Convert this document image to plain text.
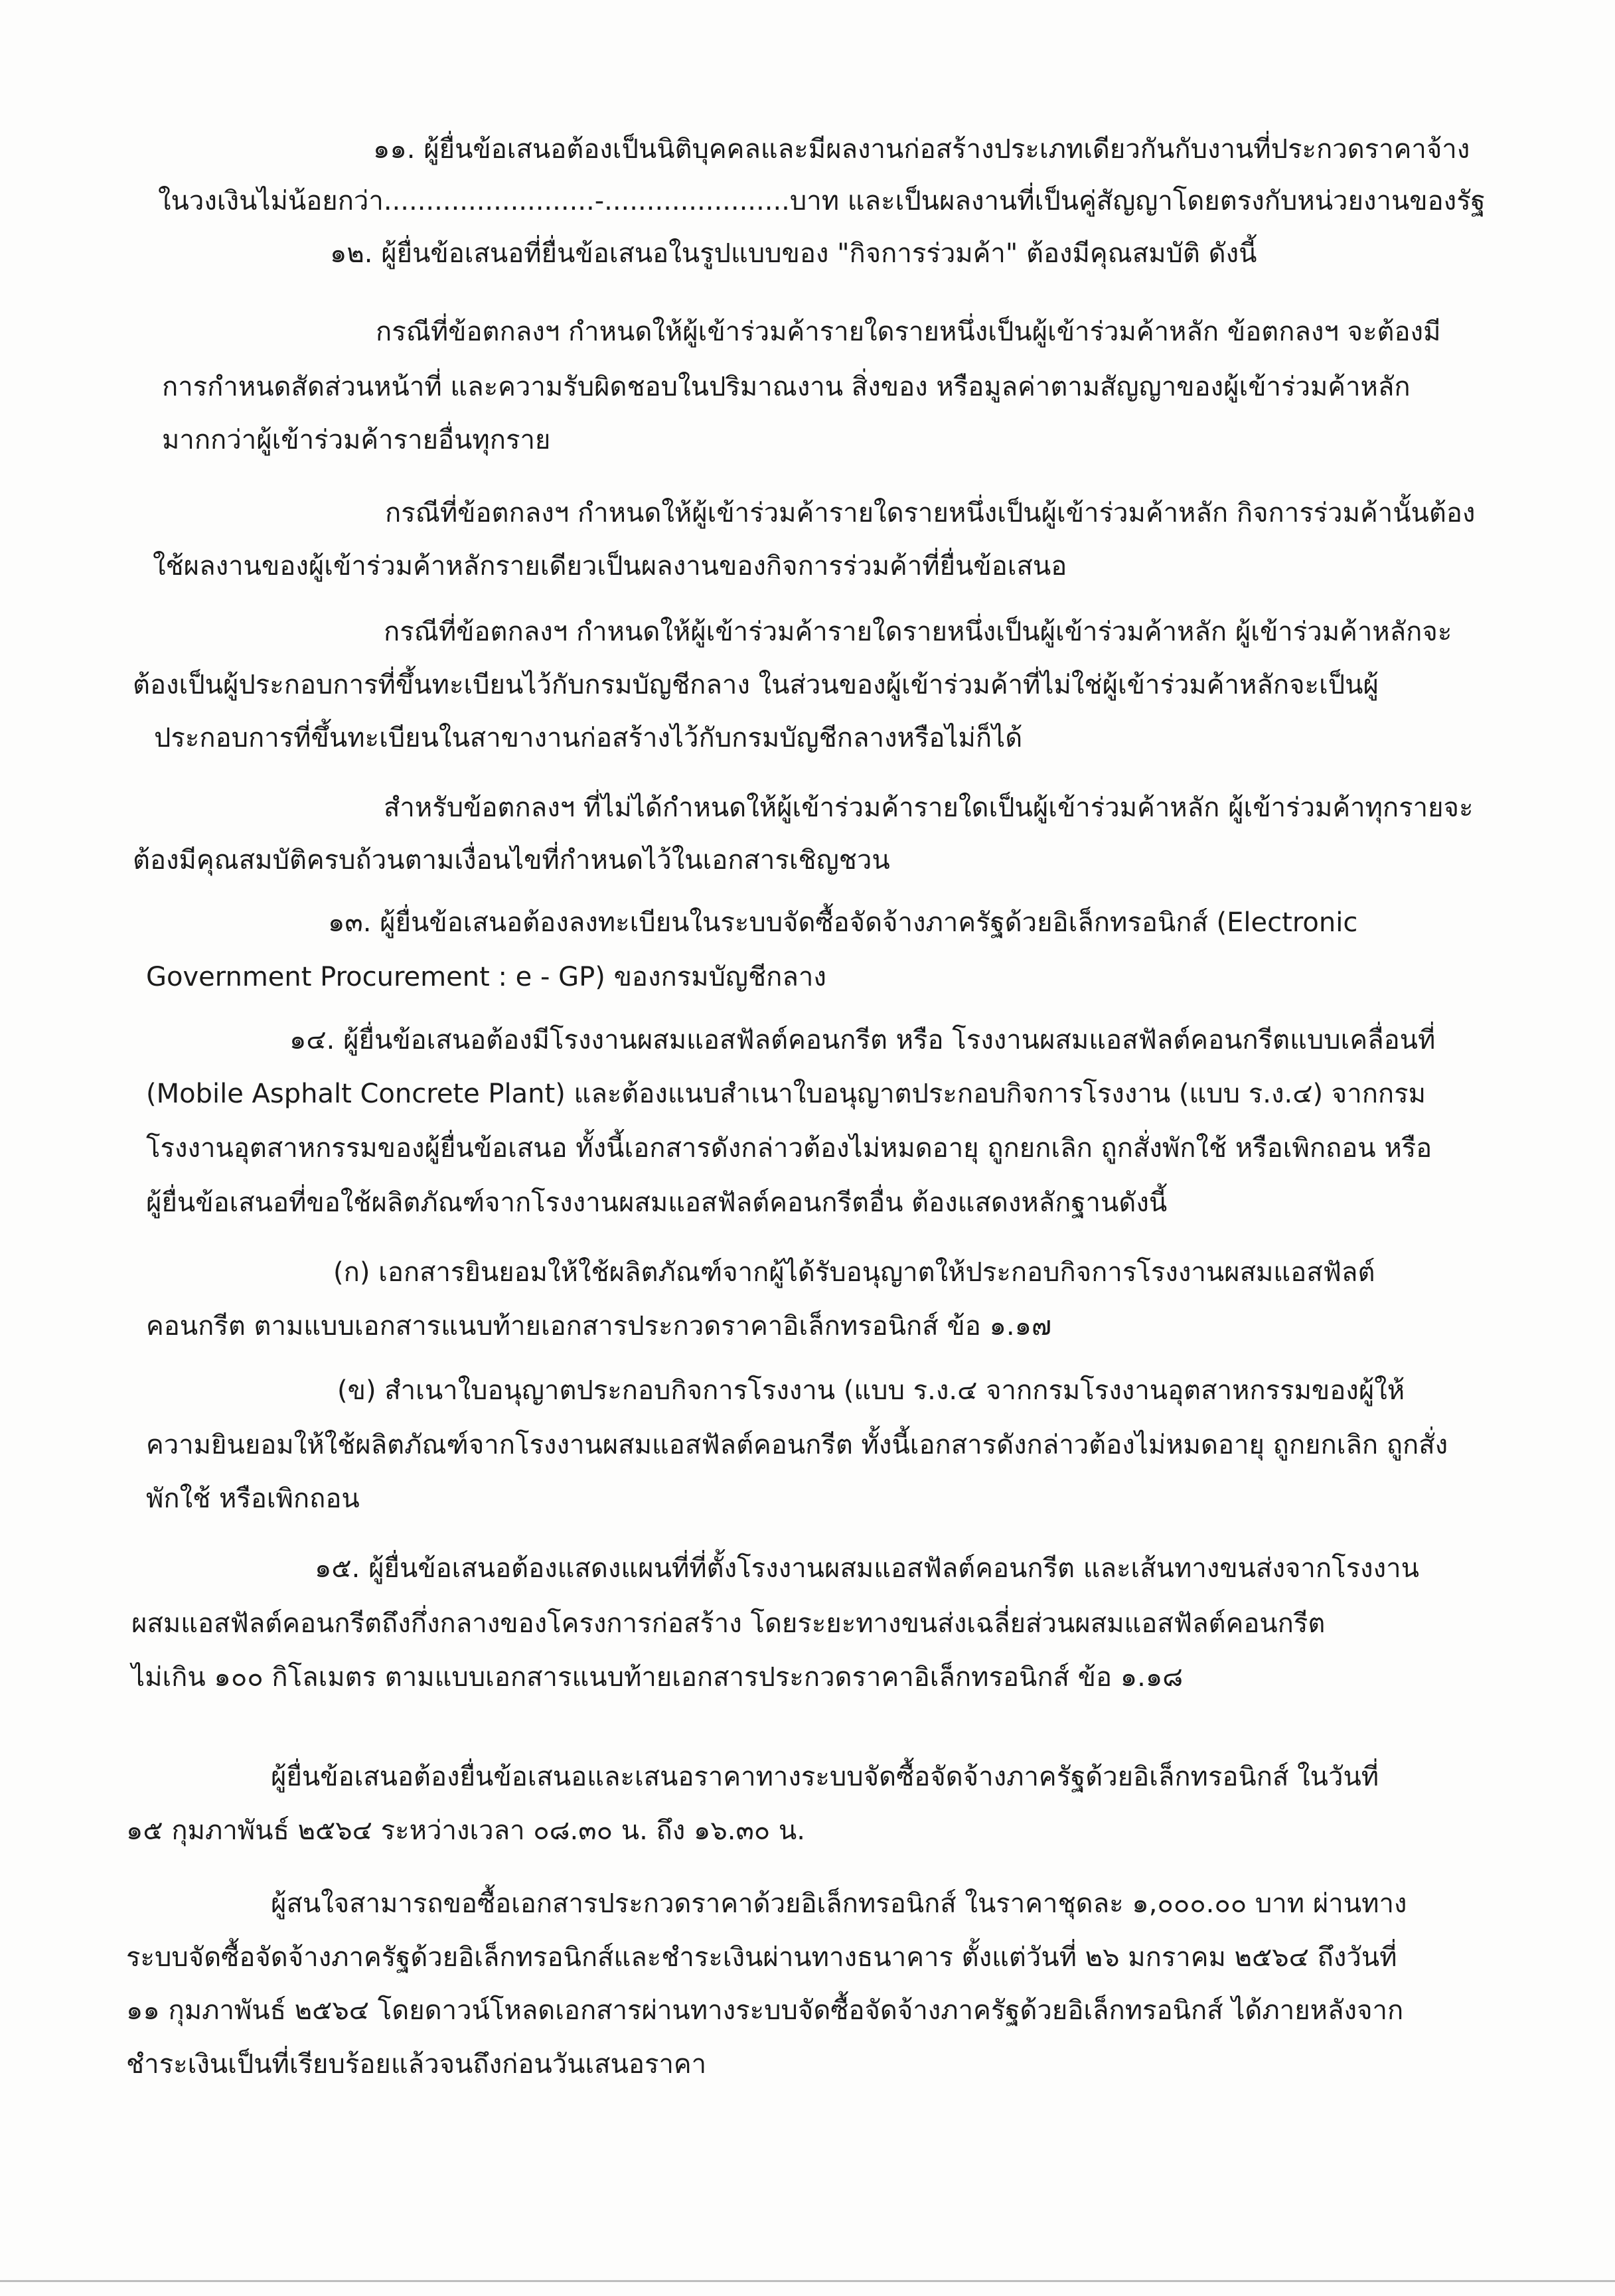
๑๑. ผู้ยื่นข้อเสนอต้องเป็นนิติบุคคลและมีผลงานก่อสร้างประเภทเดียวกันกับงานที่ประกวดราคาจ้าง
ในวงเงินไม่น้อยกว่า.........................-......................บาท และเป็นผลงานที่เป็นคู่สัญญาโดยตรงกับหน่วยงานของรัฐ
๑๒. ผู้ยื่นข้อเสนอที่ยื่นข้อเสนอในรูปแบบของ "กิจการร่วมค้า" ต้องมีคุณสมบัติ ดังนี้
กรณีที่ข้อตกลงฯ กำหนดให้ผู้เข้าร่วมค้ารายใดรายหนึ่งเป็นผู้เข้าร่วมค้าหลัก ข้อตกลงฯ จะต้องมี
การกำหนดสัดส่วนหน้าที่ และความรับผิดชอบในปริมาณงาน สิ่งของ หรือมูลค่าตามสัญญาของผู้เข้าร่วมค้าหลัก
มากกว่าผู้เข้าร่วมค้ารายอื่นทุกราย
กรณีที่ข้อตกลงฯ กำหนดให้ผู้เข้าร่วมค้ารายใดรายหนึ่งเป็นผู้เข้าร่วมค้าหลัก กิจการร่วมค้านั้นต้อง
ใช้ผลงานของผู้เข้าร่วมค้าหลักรายเดียวเป็นผลงานของกิจการร่วมค้าที่ยื่นข้อเสนอ
กรณีที่ข้อตกลงฯ กำหนดให้ผู้เข้าร่วมค้ารายใดรายหนึ่งเป็นผู้เข้าร่วมค้าหลัก ผู้เข้าร่วมค้าหลักจะ
ต้องเป็นผู้ประกอบการที่ขึ้นทะเบียนไว้กับกรมบัญชีกลาง ในส่วนของผู้เข้าร่วมค้าที่ไม่ใช่ผู้เข้าร่วมค้าหลักจะเป็นผู้
ประกอบการที่ขึ้นทะเบียนในสาขางานก่อสร้างไว้กับกรมบัญชีกลางหรือไม่ก็ได้
สำหรับข้อตกลงฯ ที่ไม่ได้กำหนดให้ผู้เข้าร่วมค้ารายใดเป็นผู้เข้าร่วมค้าหลัก ผู้เข้าร่วมค้าทุกรายจะ
ต้องมีคุณสมบัติครบถ้วนตามเงื่อนไขที่กำหนดไว้ในเอกสารเชิญชวน
๑๓. ผู้ยื่นข้อเสนอต้องลงทะเบียนในระบบจัดซื้อจัดจ้างภาครัฐด้วยอิเล็กทรอนิกส์ (Electronic
Government Procurement : e - GP) ของกรมบัญชีกลาง
๑๔. ผู้ยื่นข้อเสนอต้องมีโรงงานผสมแอสฟัลต์คอนกรีต หรือ โรงงานผสมแอสฟัลต์คอนกรีตแบบเคลื่อนที่
(Mobile Asphalt Concrete Plant) และต้องแนบสำเนาใบอนุญาตประกอบกิจการโรงงาน (แบบ ร.ง.๔) จากกรม
โรงงานอุตสาหกรรมของผู้ยื่นข้อเสนอ ทั้งนี้เอกสารดังกล่าวต้องไม่หมดอายุ ถูกยกเลิก ถูกสั่งพักใช้ หรือเพิกถอน หรือ
ผู้ยื่นข้อเสนอที่ขอใช้ผลิตภัณฑ์จากโรงงานผสมแอสฟัลต์คอนกรีตอื่น ต้องแสดงหลักฐานดังนี้
(ก) เอกสารยินยอมให้ใช้ผลิตภัณฑ์จากผู้ได้รับอนุญาตให้ประกอบกิจการโรงงานผสมแอสฟัลต์
คอนกรีต ตามแบบเอกสารแนบท้ายเอกสารประกวดราคาอิเล็กทรอนิกส์ ข้อ ๑.๑๗
(ข) สำเนาใบอนุญาตประกอบกิจการโรงงาน (แบบ ร.ง.๔ จากกรมโรงงานอุตสาหกรรมของผู้ให้
ความยินยอมให้ใช้ผลิตภัณฑ์จากโรงงานผสมแอสฟัลต์คอนกรีต ทั้งนี้เอกสารดังกล่าวต้องไม่หมดอายุ ถูกยกเลิก ถูกสั่ง
พักใช้ หรือเพิกถอน
๑๕. ผู้ยื่นข้อเสนอต้องแสดงแผนที่ที่ตั้งโรงงานผสมแอสฟัลต์คอนกรีต และเส้นทางขนส่งจากโรงงาน
ผสมแอสฟัลต์คอนกรีตถึงกึ่งกลางของโครงการก่อสร้าง โดยระยะทางขนส่งเฉลี่ยส่วนผสมแอสฟัลต์คอนกรีต
ไม่เกิน ๑๐๐ กิโลเมตร ตามแบบเอกสารแนบท้ายเอกสารประกวดราคาอิเล็กทรอนิกส์ ข้อ ๑.๑๘
ผู้ยื่นข้อเสนอต้องยื่นข้อเสนอและเสนอราคาทางระบบจัดซื้อจัดจ้างภาครัฐด้วยอิเล็กทรอนิกส์ ในวันที่
๑๕ กุมภาพันธ์ ๒๕๖๔ ระหว่างเวลา ๐๘.๓๐ น. ถึง ๑๖.๓๐ น.
ผู้สนใจสามารถขอซื้อเอกสารประกวดราคาด้วยอิเล็กทรอนิกส์ ในราคาชุดละ ๑,๐๐๐.๐๐ บาท ผ่านทาง
ระบบจัดซื้อจัดจ้างภาครัฐด้วยอิเล็กทรอนิกส์และชำระเงินผ่านทางธนาคาร ตั้งแต่วันที่ ๒๖ มกราคม ๒๕๖๔ ถึงวันที่
๑๑ กุมภาพันธ์ ๒๕๖๔ โดยดาวน์โหลดเอกสารผ่านทางระบบจัดซื้อจัดจ้างภาครัฐด้วยอิเล็กทรอนิกส์ ได้ภายหลังจาก
ชำระเงินเป็นที่เรียบร้อยแล้วจนถึงก่อนวันเสนอราคา
